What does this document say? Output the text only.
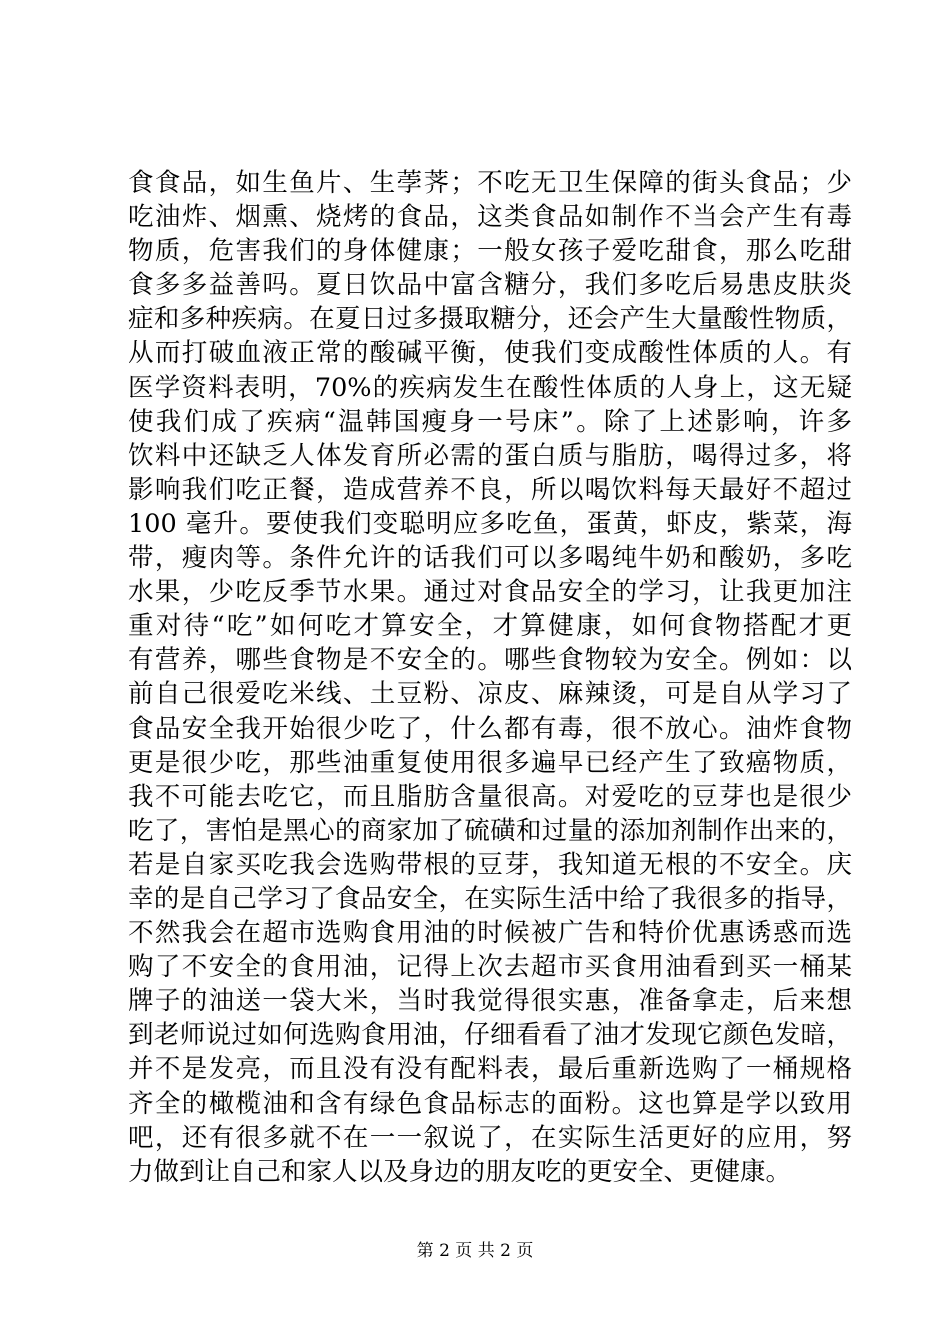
食食品，如生鱼片、生荸荠；不吃无卫生保障的街头食品；少
吃油炸、烟熏、烧烤的食品，这类食品如制作不当会产生有毒
物质，危害我们的身体健康；一般女孩子爱吃甜食，那么吃甜
食多多益善吗。夏日饮品中富含糖分，我们多吃后易患皮肤炎
症和多种疾病。在夏日过多摄取糖分，还会产生大量酸性物质，
从而打破血液正常的酸碱平衡，使我们变成酸性体质的人。有
医学资料表明，70%的疾病发生在酸性体质的人身上，这无疑
使我们成了疾病“温韩国瘦身一号床”。除了上述影响，许多
饮料中还缺乏人体发育所必需的蛋白质与脂肪，喝得过多，将
影响我们吃正餐，造成营养不良，所以喝饮料每天最好不超过
100 毫升。要使我们变聪明应多吃鱼，蛋黄，虾皮，紫菜，海
带，瘦肉等。条件允许的话我们可以多喝纯牛奶和酸奶，多吃
水果，少吃反季节水果。通过对食品安全的学习，让我更加注
重对待“吃”如何吃才算安全，才算健康，如何食物搭配才更
有营养，哪些食物是不安全的。哪些食物较为安全。例如：以
前自己很爱吃米线、土豆粉、凉皮、麻辣烫，可是自从学习了
食品安全我开始很少吃了，什么都有毒，很不放心。油炸食物
更是很少吃，那些油重复使用很多遍早已经产生了致癌物质，
我不可能去吃它，而且脂肪含量很高。对爱吃的豆芽也是很少
吃了，害怕是黑心的商家加了硫磺和过量的添加剂制作出来的，
若是自家买吃我会选购带根的豆芽，我知道无根的不安全。庆
幸的是自己学习了食品安全，在实际生活中给了我很多的指导，
不然我会在超市选购食用油的时候被广告和特价优惠诱惑而选
购了不安全的食用油，记得上次去超市买食用油看到买一桶某
牌子的油送一袋大米，当时我觉得很实惠，准备拿走，后来想
到老师说过如何选购食用油，仔细看看了油才发现它颜色发暗，
并不是发亮，而且没有没有配料表，最后重新选购了一桶规格
齐全的橄榄油和含有绿色食品标志的面粉。这也算是学以致用
吧，还有很多就不在一一叙说了，在实际生活更好的应用，努
力做到让自己和家人以及身边的朋友吃的更安全、更健康。
第 2 页 共 2 页
